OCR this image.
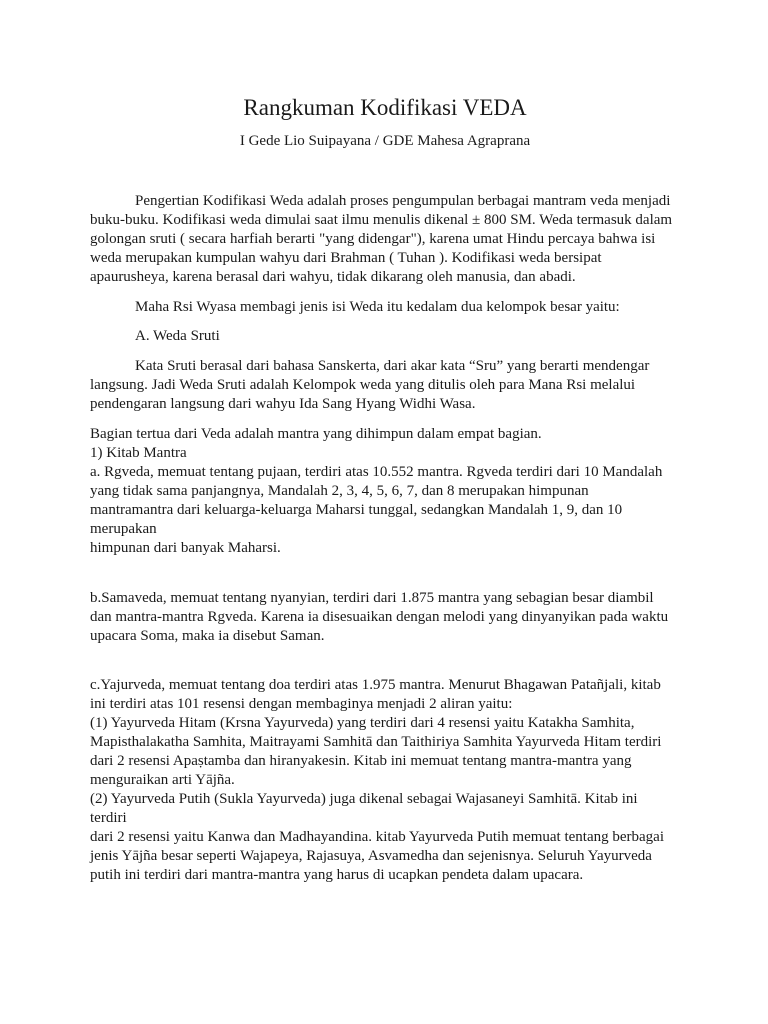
Rangkuman Kodifikasi VEDA

I Gede Lio Suipayana / GDE Mahesa Agraprana

Pengertian Kodifikasi Weda adalah proses pengumpulan berbagai mantram veda menjadi
buku-buku. Kodifikasi weda dimulai saat ilmu menulis dikenal ± 800 SM. Weda termasuk dalam
golongan sruti ( secara harfiah berarti "yang didengar"), karena umat Hindu percaya bahwa isi
weda merupakan kumpulan wahyu dari Brahman ( Tuhan ). Kodifikasi weda bersipat
apaurusheya, karena berasal dari wahyu, tidak dikarang oleh manusia, dan abadi.
Maha Rsi Wyasa membagi jenis isi Weda itu kedalam dua kelompok besar yaitu:
A. Weda Sruti
Kata Sruti berasal dari bahasa Sanskerta, dari akar kata “Sru” yang berarti mendengar
langsung. Jadi Weda Sruti adalah Kelompok weda yang ditulis oleh para Mana Rsi melalui
pendengaran langsung dari wahyu Ida Sang Hyang Widhi Wasa.
Bagian tertua dari Veda adalah mantra yang dihimpun dalam empat bagian.
1) Kitab Mantra
a. Rgveda, memuat tentang pujaan, terdiri atas 10.552 mantra. Rgveda terdiri dari 10 Mandalah
yang tidak sama panjangnya, Mandalah 2, 3, 4, 5, 6, 7, dan 8 merupakan himpunan
mantramantra dari keluarga-keluarga Maharsi tunggal, sedangkan Mandalah 1, 9, dan 10
merupakan
himpunan dari banyak Maharsi.
b.Samaveda, memuat tentang nyanyian, terdiri dari 1.875 mantra yang sebagian besar diambil
dan mantra-mantra Rgveda. Karena ia disesuaikan dengan melodi yang dinyanyikan pada waktu
upacara Soma, maka ia disebut Saman.
c.Yajurveda, memuat tentang doa terdiri atas 1.975 mantra. Menurut Bhagawan Patañjali, kitab
ini terdiri atas 101 resensi dengan membaginya menjadi 2 aliran yaitu:
(1) Yayurveda Hitam (Krsna Yayurveda) yang terdiri dari 4 resensi yaitu Katakha Samhita,
Mapisthalakatha Samhita, Maitrayami Samhitā dan Taithiriya Samhita Yayurveda Hitam terdiri
dari 2 resensi Apaṣtamba dan hiranyakesin. Kitab ini memuat tentang mantra-mantra yang
menguraikan arti Yājña.
(2) Yayurveda Putih (Sukla Yayurveda) juga dikenal sebagai Wajasaneyi Samhitā. Kitab ini
terdiri
dari 2 resensi yaitu Kanwa dan Madhayandina. kitab Yayurveda Putih memuat tentang berbagai
jenis Yājña besar seperti Wajapeya, Rajasuya, Asvamedha dan sejenisnya. Seluruh Yayurveda
putih ini terdiri dari mantra-mantra yang harus di ucapkan pendeta dalam upacara.
